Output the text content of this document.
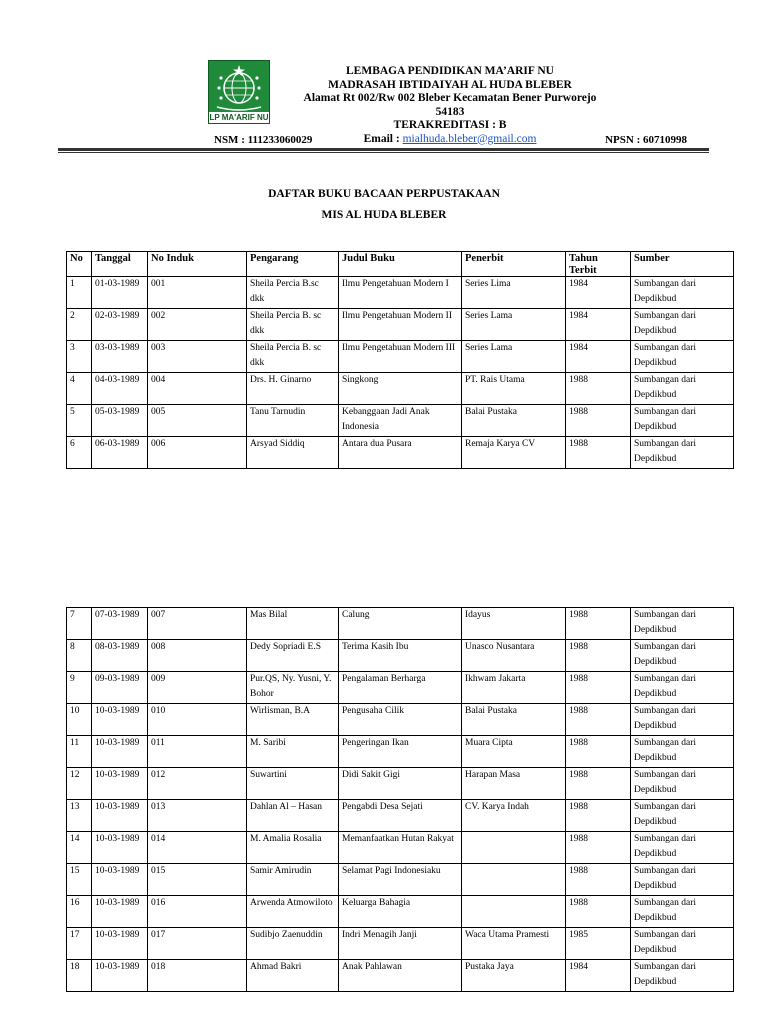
LP MA'ARIF NU
LEMBAGA PENDIDIKAN MA’ARIF NU
MADRASAH IBTIDAIYAH AL HUDA BLEBER
Alamat Rt 002/Rw 002 Bleber Kecamatan Bener Purworejo 54183
TERAKREDITASI : B
Email : mialhuda.bleber@gmail.com
NSM : 111233060029	NPSN : 60710998
DAFTAR BUKU BACAAN PERPUSTAKAAN
MIS AL HUDA BLEBER
No	Tanggal	No Induk	Pengarang	Judul Buku	Penerbit	Tahun Terbit	Sumber
1	01-03-1989	001	Sheila Percia B.sc dkk	Ilmu Pengetahuan Modern I	Series Lima	1984	Sumbangan dari Depdikbud
2	02-03-1989	002	Sheila Percia B. sc dkk	Ilmu Pengetahuan Modern II	Series Lama	1984	Sumbangan dari Depdikbud
3	03-03-1989	003	Sheila Percia B. sc dkk	Ilmu Pengetahuan Modern III	Series Lama	1984	Sumbangan dari Depdikbud
4	04-03-1989	004	Drs. H. Ginarno	Singkong	PT. Rais Utama	1988	Sumbangan dari Depdikbud
5	05-03-1989	005	Tanu Tarnudin	Kebanggaan Jadi Anak Indonesia	Balai Pustaka	1988	Sumbangan dari Depdikbud
6	06-03-1989	006	Arsyad Siddiq	Antara dua Pusara	Remaja Karya CV	1988	Sumbangan dari Depdikbud
7	07-03-1989	007	Mas Bilal	Calung	Idayus	1988	Sumbangan dari Depdikbud
8	08-03-1989	008	Dedy Sopriadi E.S	Terima Kasih Ibu	Unasco Nusantara	1988	Sumbangan dari Depdikbud
9	09-03-1989	009	Pur.QS, Ny. Yusni, Y. Bohor	Pengalaman Berharga	Ikhwam Jakarta	1988	Sumbangan dari Depdikbud
10	10-03-1989	010	Wirlisman, B.A	Pengusaha Cilik	Balai Pustaka	1988	Sumbangan dari Depdikbud
11	10-03-1989	011	M. Saribi	Pengeringan Ikan	Muara Cipta	1988	Sumbangan dari Depdikbud
12	10-03-1989	012	Suwartini	Didi Sakit Gigi	Harapan Masa	1988	Sumbangan dari Depdikbud
13	10-03-1989	013	Dahlan Al – Hasan	Pengabdi Desa Sejati	CV. Karya Indah	1988	Sumbangan dari Depdikbud
14	10-03-1989	014	M. Amalia Rosalia	Memanfaatkan Hutan Rakyat		1988	Sumbangan dari Depdikbud
15	10-03-1989	015	Samir Amirudin	Selamat Pagi Indonesiaku		1988	Sumbangan dari Depdikbud
16	10-03-1989	016	Arwenda Atmowiloto	Keluarga Bahagia		1988	Sumbangan dari Depdikbud
17	10-03-1989	017	Sudibjo Zaenuddin	Indri Menagih Janji	Waca Utama Pramesti	1985	Sumbangan dari Depdikbud
18	10-03-1989	018	Ahmad Bakri	Anak Pahlawan	Pustaka Jaya	1984	Sumbangan dari Depdikbud
